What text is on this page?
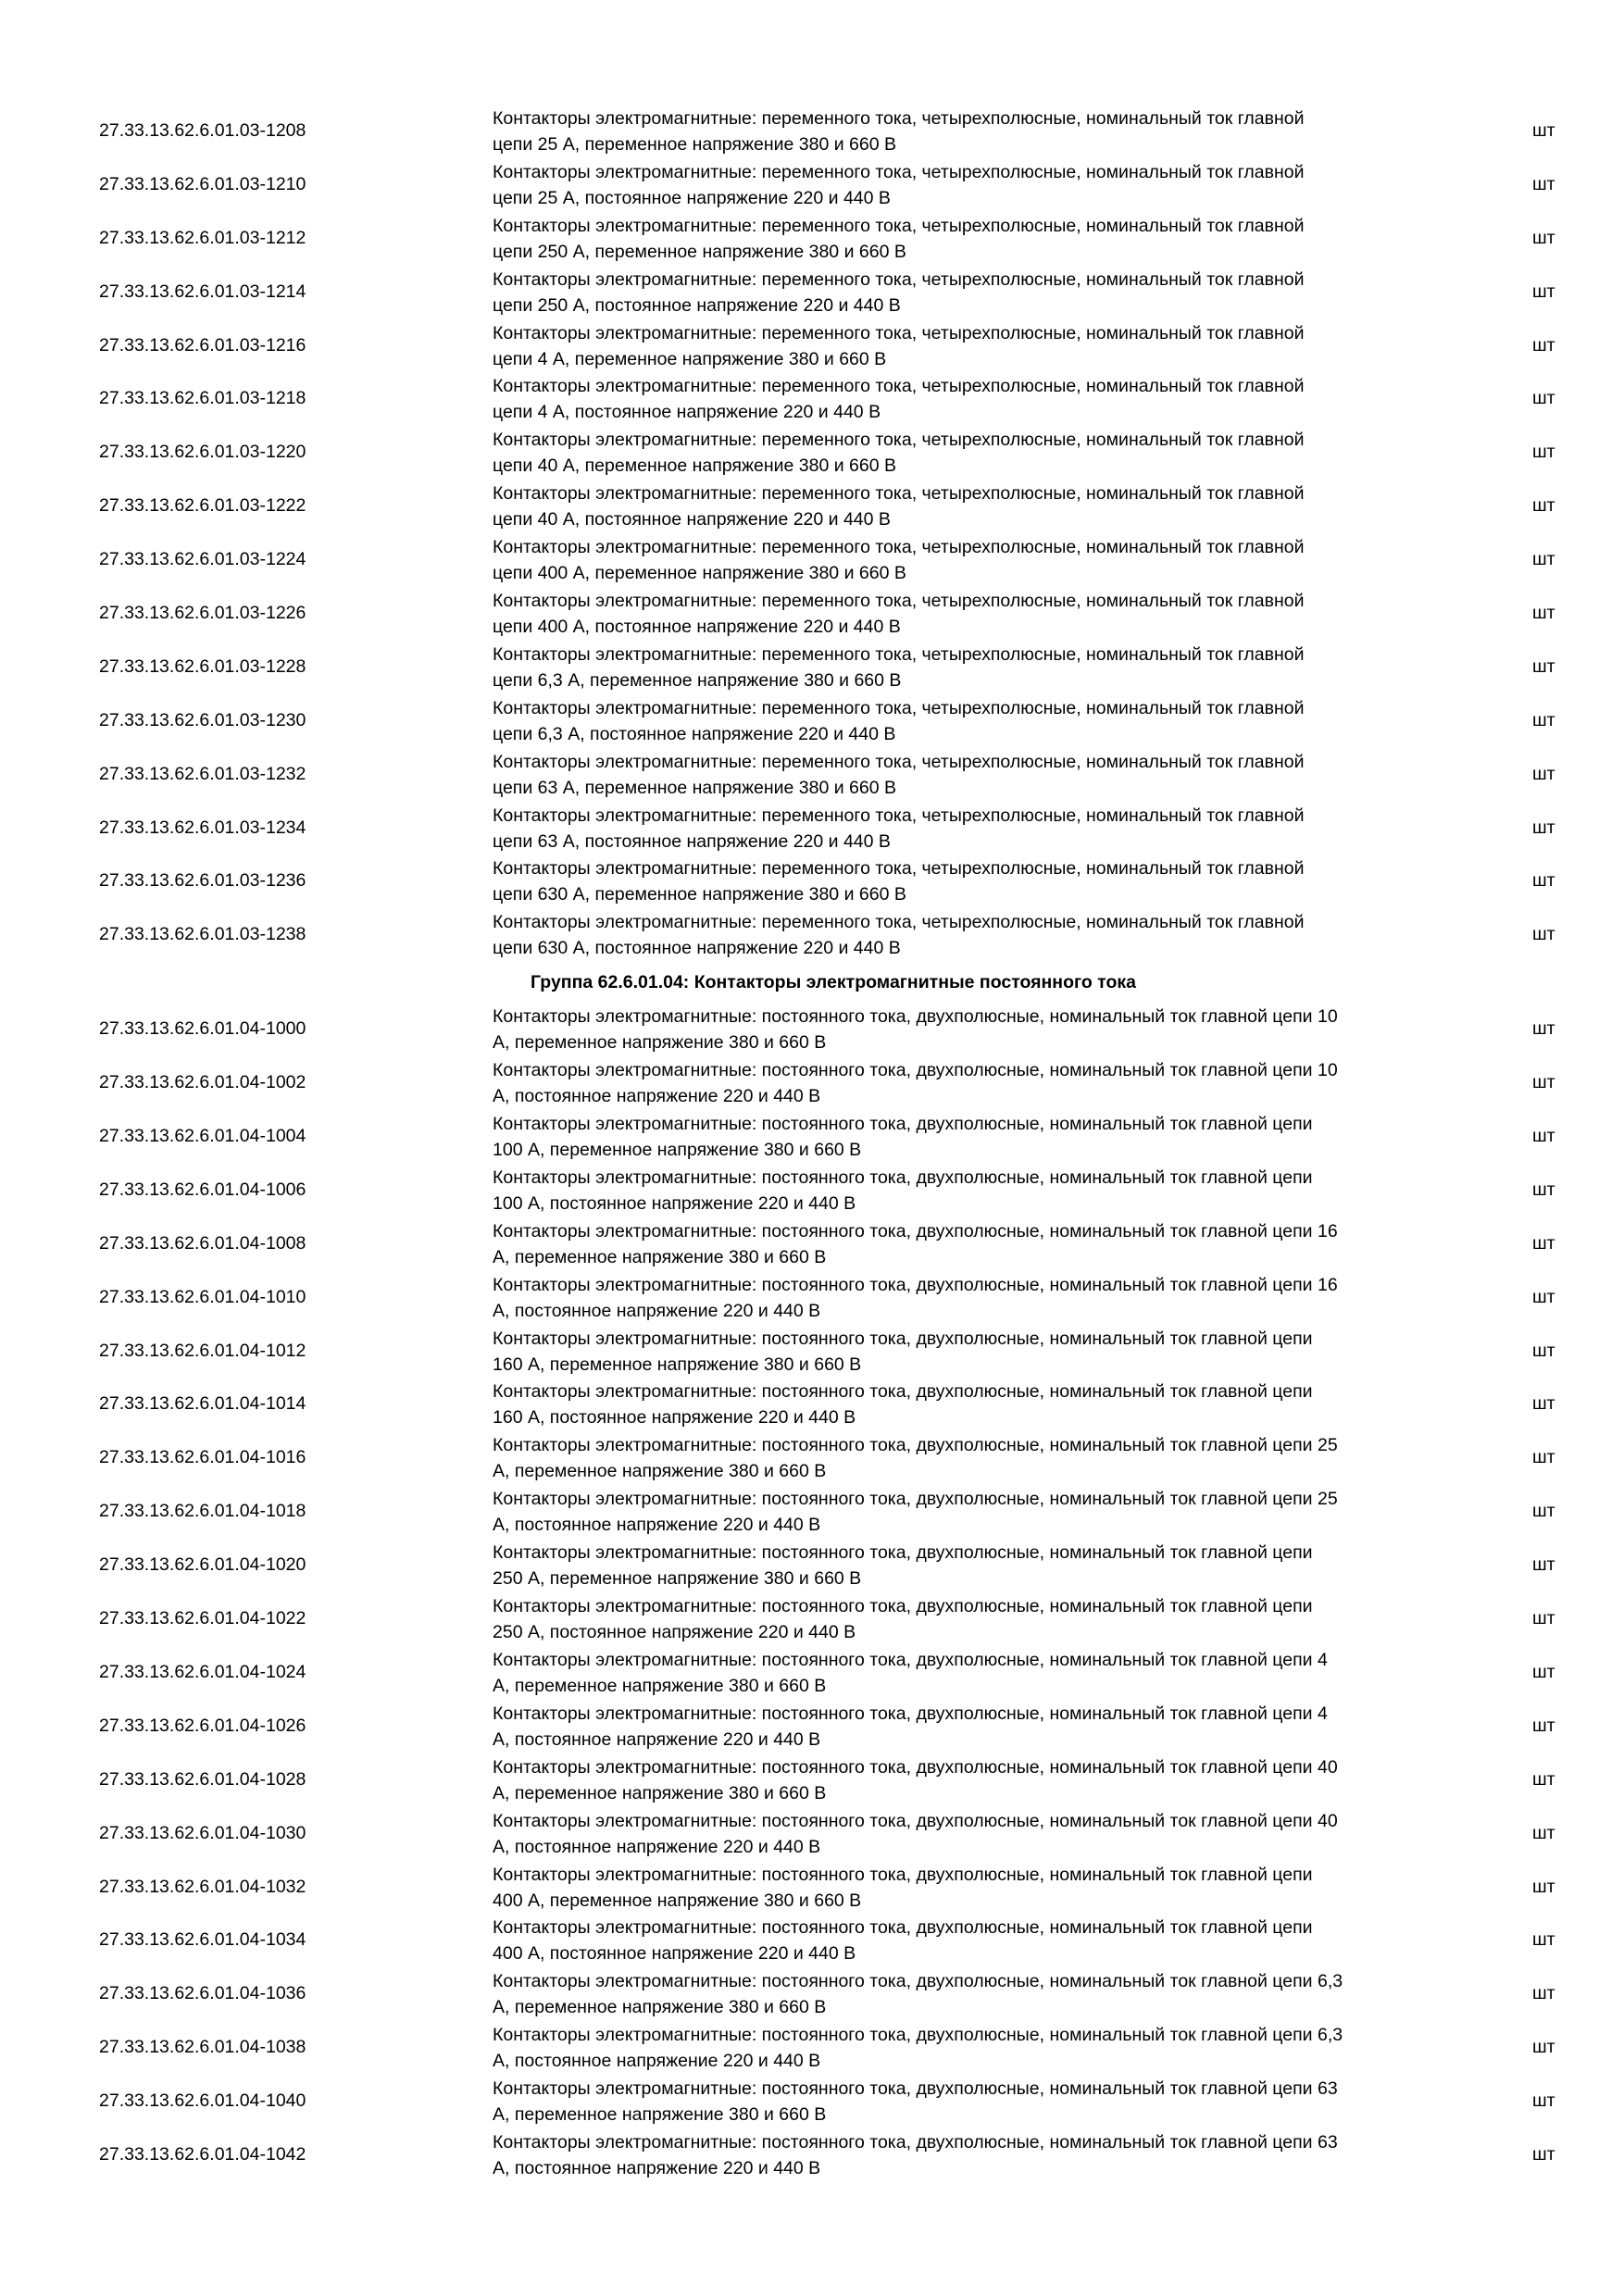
27.33.13.62.6.01.03-1208
Контакторы электромагнитные: переменного тока, четырехполюсные, номинальный ток главной
цепи 25 А, переменное напряжение 380 и 660 В
шт
27.33.13.62.6.01.03-1210
Контакторы электромагнитные: переменного тока, четырехполюсные, номинальный ток главной
цепи 25 А, постоянное напряжение 220 и 440 В
шт
27.33.13.62.6.01.03-1212
Контакторы электромагнитные: переменного тока, четырехполюсные, номинальный ток главной
цепи 250 А, переменное напряжение 380 и 660 В
шт
27.33.13.62.6.01.03-1214
Контакторы электромагнитные: переменного тока, четырехполюсные, номинальный ток главной
цепи 250 А, постоянное напряжение 220 и 440 В
шт
27.33.13.62.6.01.03-1216
Контакторы электромагнитные: переменного тока, четырехполюсные, номинальный ток главной
цепи 4 А, переменное напряжение 380 и 660 В
шт
27.33.13.62.6.01.03-1218
Контакторы электромагнитные: переменного тока, четырехполюсные, номинальный ток главной
цепи 4 А, постоянное напряжение 220 и 440 В
шт
27.33.13.62.6.01.03-1220
Контакторы электромагнитные: переменного тока, четырехполюсные, номинальный ток главной
цепи 40 А, переменное напряжение 380 и 660 В
шт
27.33.13.62.6.01.03-1222
Контакторы электромагнитные: переменного тока, четырехполюсные, номинальный ток главной
цепи 40 А, постоянное напряжение 220 и 440 В
шт
27.33.13.62.6.01.03-1224
Контакторы электромагнитные: переменного тока, четырехполюсные, номинальный ток главной
цепи 400 А, переменное напряжение 380 и 660 В
шт
27.33.13.62.6.01.03-1226
Контакторы электромагнитные: переменного тока, четырехполюсные, номинальный ток главной
цепи 400 А, постоянное напряжение 220 и 440 В
шт
27.33.13.62.6.01.03-1228
Контакторы электромагнитные: переменного тока, четырехполюсные, номинальный ток главной
цепи 6,3 А, переменное напряжение 380 и 660 В
шт
27.33.13.62.6.01.03-1230
Контакторы электромагнитные: переменного тока, четырехполюсные, номинальный ток главной
цепи 6,3 А, постоянное напряжение 220 и 440 В
шт
27.33.13.62.6.01.03-1232
Контакторы электромагнитные: переменного тока, четырехполюсные, номинальный ток главной
цепи 63 А, переменное напряжение 380 и 660 В
шт
27.33.13.62.6.01.03-1234
Контакторы электромагнитные: переменного тока, четырехполюсные, номинальный ток главной
цепи 63 А, постоянное напряжение 220 и 440 В
шт
27.33.13.62.6.01.03-1236
Контакторы электромагнитные: переменного тока, четырехполюсные, номинальный ток главной
цепи 630 А, переменное напряжение 380 и 660 В
шт
27.33.13.62.6.01.03-1238
Контакторы электромагнитные: переменного тока, четырехполюсные, номинальный ток главной
цепи 630 А, постоянное напряжение 220 и 440 В
шт
Группа 62.6.01.04: Контакторы электромагнитные постоянного тока
27.33.13.62.6.01.04-1000
Контакторы электромагнитные: постоянного тока, двухполюсные, номинальный ток главной цепи 10
А, переменное напряжение 380 и 660 В
шт
27.33.13.62.6.01.04-1002
Контакторы электромагнитные: постоянного тока, двухполюсные, номинальный ток главной цепи 10
А, постоянное напряжение 220 и 440 В
шт
27.33.13.62.6.01.04-1004
Контакторы электромагнитные: постоянного тока, двухполюсные, номинальный ток главной цепи
100 А, переменное напряжение 380 и 660 В
шт
27.33.13.62.6.01.04-1006
Контакторы электромагнитные: постоянного тока, двухполюсные, номинальный ток главной цепи
100 А, постоянное напряжение 220 и 440 В
шт
27.33.13.62.6.01.04-1008
Контакторы электромагнитные: постоянного тока, двухполюсные, номинальный ток главной цепи 16
А, переменное напряжение 380 и 660 В
шт
27.33.13.62.6.01.04-1010
Контакторы электромагнитные: постоянного тока, двухполюсные, номинальный ток главной цепи 16
А, постоянное напряжение 220 и 440 В
шт
27.33.13.62.6.01.04-1012
Контакторы электромагнитные: постоянного тока, двухполюсные, номинальный ток главной цепи
160 А, переменное напряжение 380 и 660 В
шт
27.33.13.62.6.01.04-1014
Контакторы электромагнитные: постоянного тока, двухполюсные, номинальный ток главной цепи
160 А, постоянное напряжение 220 и 440 В
шт
27.33.13.62.6.01.04-1016
Контакторы электромагнитные: постоянного тока, двухполюсные, номинальный ток главной цепи 25
А, переменное напряжение 380 и 660 В
шт
27.33.13.62.6.01.04-1018
Контакторы электромагнитные: постоянного тока, двухполюсные, номинальный ток главной цепи 25
А, постоянное напряжение 220 и 440 В
шт
27.33.13.62.6.01.04-1020
Контакторы электромагнитные: постоянного тока, двухполюсные, номинальный ток главной цепи
250 А, переменное напряжение 380 и 660 В
шт
27.33.13.62.6.01.04-1022
Контакторы электромагнитные: постоянного тока, двухполюсные, номинальный ток главной цепи
250 А, постоянное напряжение 220 и 440 В
шт
27.33.13.62.6.01.04-1024
Контакторы электромагнитные: постоянного тока, двухполюсные, номинальный ток главной цепи 4
А, переменное напряжение 380 и 660 В
шт
27.33.13.62.6.01.04-1026
Контакторы электромагнитные: постоянного тока, двухполюсные, номинальный ток главной цепи 4
А, постоянное напряжение 220 и 440 В
шт
27.33.13.62.6.01.04-1028
Контакторы электромагнитные: постоянного тока, двухполюсные, номинальный ток главной цепи 40
А, переменное напряжение 380 и 660 В
шт
27.33.13.62.6.01.04-1030
Контакторы электромагнитные: постоянного тока, двухполюсные, номинальный ток главной цепи 40
А, постоянное напряжение 220 и 440 В
шт
27.33.13.62.6.01.04-1032
Контакторы электромагнитные: постоянного тока, двухполюсные, номинальный ток главной цепи
400 А, переменное напряжение 380 и 660 В
шт
27.33.13.62.6.01.04-1034
Контакторы электромагнитные: постоянного тока, двухполюсные, номинальный ток главной цепи
400 А, постоянное напряжение 220 и 440 В
шт
27.33.13.62.6.01.04-1036
Контакторы электромагнитные: постоянного тока, двухполюсные, номинальный ток главной цепи 6,3
А, переменное напряжение 380 и 660 В
шт
27.33.13.62.6.01.04-1038
Контакторы электромагнитные: постоянного тока, двухполюсные, номинальный ток главной цепи 6,3
А, постоянное напряжение 220 и 440 В
шт
27.33.13.62.6.01.04-1040
Контакторы электромагнитные: постоянного тока, двухполюсные, номинальный ток главной цепи 63
А, переменное напряжение 380 и 660 В
шт
27.33.13.62.6.01.04-1042
Контакторы электромагнитные: постоянного тока, двухполюсные, номинальный ток главной цепи 63
А, постоянное напряжение 220 и 440 В
шт
